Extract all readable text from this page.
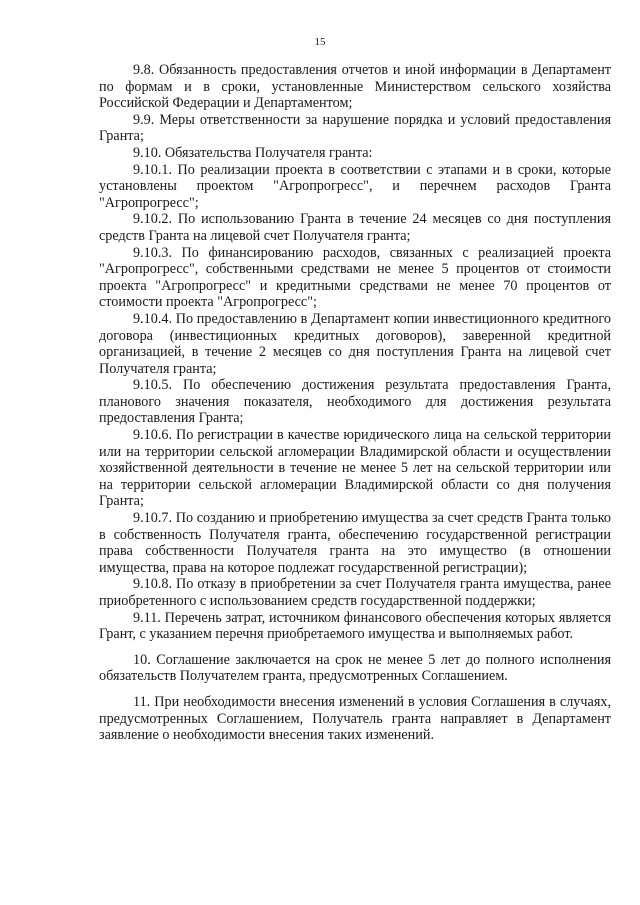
15

9.8. Обязанность предоставления отчетов и иной информации в Департамент по формам и в сроки, установленные Министерством сельского хозяйства Российской Федерации и Департаментом;

9.9. Меры ответственности за нарушение порядка и условий предоставления Гранта;

9.10. Обязательства Получателя гранта:

9.10.1. По реализации проекта в соответствии с этапами и в сроки, которые установлены проектом "Агропрогресс", и перечнем расходов Гранта "Агропрогресс";

9.10.2. По использованию Гранта в течение 24 месяцев со дня поступления средств Гранта на лицевой счет Получателя гранта;

9.10.3. По финансированию расходов, связанных с реализацией проекта "Агропрогресс", собственными средствами не менее 5 процентов от стоимости проекта "Агропрогресс" и кредитными средствами не менее 70 процентов от стоимости проекта "Агропрогресс";

9.10.4. По предоставлению в Департамент копии инвестиционного кредитного договора (инвестиционных кредитных договоров), заверенной кредитной организацией, в течение 2 месяцев со дня поступления Гранта на лицевой счет Получателя гранта;

9.10.5. По обеспечению достижения результата предоставления Гранта, планового значения показателя, необходимого для достижения результата предоставления Гранта;

9.10.6. По регистрации в качестве юридического лица на сельской территории или на территории сельской агломерации Владимирской области и осуществлении хозяйственной деятельности в течение не менее 5 лет на сельской территории или на территории сельской агломерации Владимирской области со дня получения Гранта;

9.10.7. По созданию и приобретению имущества за счет средств Гранта только в собственность Получателя гранта, обеспечению государственной регистрации права собственности Получателя гранта на это имущество (в отношении имущества, права на которое подлежат государственной регистрации);

9.10.8. По отказу в приобретении за счет Получателя гранта имущества, ранее приобретенного с использованием средств государственной поддержки;

9.11. Перечень затрат, источником финансового обеспечения которых является Грант, с указанием перечня приобретаемого имущества и выполняемых работ.

10. Соглашение заключается на срок не менее 5 лет до полного исполнения обязательств Получателем гранта, предусмотренных Соглашением.

11. При необходимости внесения изменений в условия Соглашения в случаях, предусмотренных Соглашением, Получатель гранта направляет в Департамент заявление о необходимости внесения таких изменений.
